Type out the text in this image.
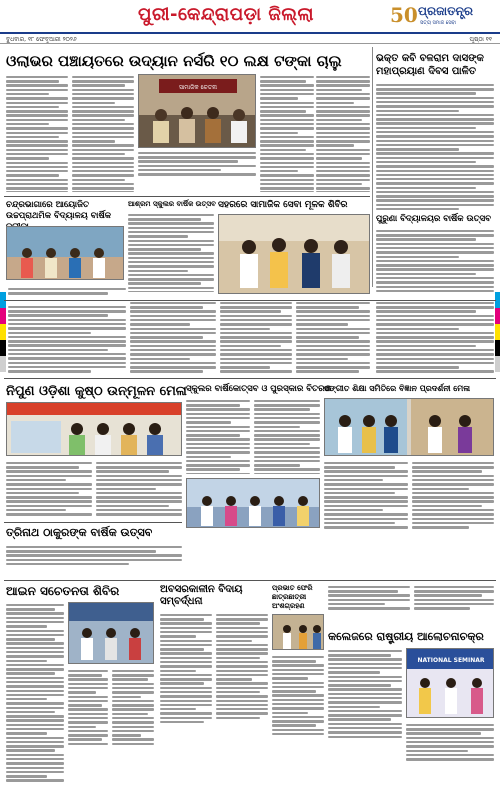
ପୁରୀ-କେନ୍ଦ୍ରାପଡ଼ା ଜିଲ୍ଲା	50 ପ୍ରଜାତନ୍ତ୍ର
ସତ୍ୟ ସମାଜ ସେବା
ବୁଧବାର, ୧୮ ଫେବୃଆରୀ ୨୦୨୬	ପୃଷ୍ଠା ୧୧
ଓଲାଭର ପଞ୍ଚାୟତରେ ଉଦ୍ୟାନ ନର୍ସରି ୧୦ ଲକ୍ଷ ଟଙ୍କା ଚାଲୁ	ଭକ୍ତ କବି ବଳରାମ ଦାସଙ୍କ ମହାପ୍ରୟାଣ ଦିବସ ପାଳିତ
ସାମାଜିକ ଚେତନା
ଚନ୍ଦ୍ରଭାଗାରେ ଆୟୋଜିତ ଉଚ୍ଚପ୍ରାଥମିକ ବିଦ୍ୟାଳୟ ବାର୍ଷିକ
ଆଶ୍ରମ ସ୍କୁଲର ବାର୍ଷିକ ଉତ୍ସବ ସହରରେ ସାମାଜିକ ସେବା ମୂଳକ ଶିବିର
ପୁରୁଣା ବିଦ୍ୟାଳୟର ବାର୍ଷିକ ଉତ୍ସବ
ନିପୁଣ ଓଡ଼ିଶା କୁଷ୍ଠ ଉନ୍ମୂଳନ ମେଳା ସ୍କୁଲର ବାର୍ଷିକୋତ୍ସବ ଓ ପୁରସ୍କାର ବିତରଣ
ସଙ୍ଗୀତ ଶିକ୍ଷା ସମିତିରେ ବିଜ୍ଞାନ ପ୍ରଦର୍ଶନୀ ମେଳା
ତ୍ରିନାଥ ଠାକୁରଙ୍କ ବାର୍ଷିକ ଉତ୍ସବ
ଆଇନ ସଚେତନତା ଶିବିର	ଅବସରକାଳୀନ ବିଦାୟ ସମ୍ବର୍ଦ୍ଧନା
ପ୍ରଭାତ ଫେରି ଛାତ୍ରଛାତ୍ରୀ ଅଂଶଗ୍ରହଣ
କଲେଜରେ ରାଷ୍ଟ୍ରୀୟ ଆଲୋଚନାଚକ୍ର
NATIONAL SEMINAR
